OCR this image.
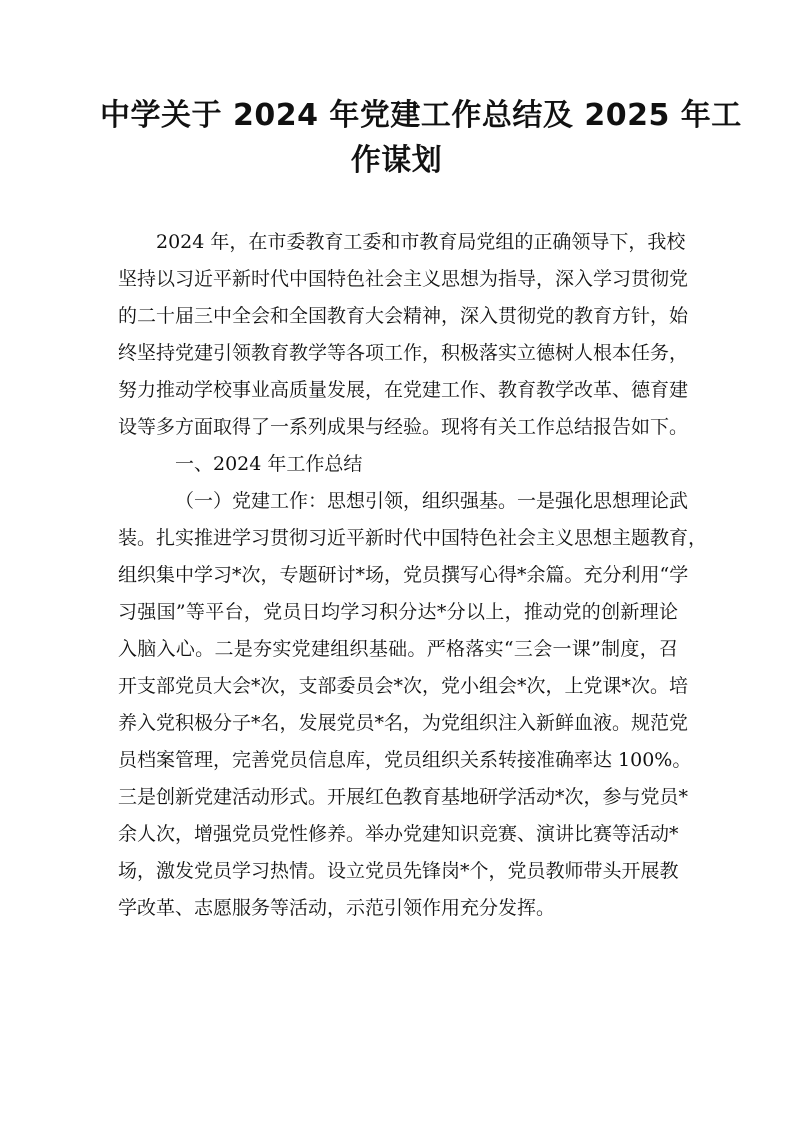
中学关于 2024 年党建工作总结及 2025 年工
作谋划
2024 年，在市委教育工委和市教育局党组的正确领导下，我校
坚持以习近平新时代中国特色社会主义思想为指导，深入学习贯彻党
的二十届三中全会和全国教育大会精神，深入贯彻党的教育方针，始
终坚持党建引领教育教学等各项工作，积极落实立德树人根本任务，
努力推动学校事业高质量发展，在党建工作、教育教学改革、德育建
设等多方面取得了一系列成果与经验。现将有关工作总结报告如下。
一、2024 年工作总结
（一）党建工作：思想引领，组织强基。一是强化思想理论武
装。扎实推进学习贯彻习近平新时代中国特色社会主义思想主题教育，
组织集中学习*次，专题研讨*场，党员撰写心得*余篇。充分利用“学
习强国”等平台，党员日均学习积分达*分以上，推动党的创新理论
入脑入心。二是夯实党建组织基础。严格落实“三会一课”制度，召
开支部党员大会*次，支部委员会*次，党小组会*次，上党课*次。培
养入党积极分子*名，发展党员*名，为党组织注入新鲜血液。规范党
员档案管理，完善党员信息库，党员组织关系转接准确率达 100%。
三是创新党建活动形式。开展红色教育基地研学活动*次，参与党员*
余人次，增强党员党性修养。举办党建知识竞赛、演讲比赛等活动*
场，激发党员学习热情。设立党员先锋岗*个，党员教师带头开展教
学改革、志愿服务等活动，示范引领作用充分发挥。
